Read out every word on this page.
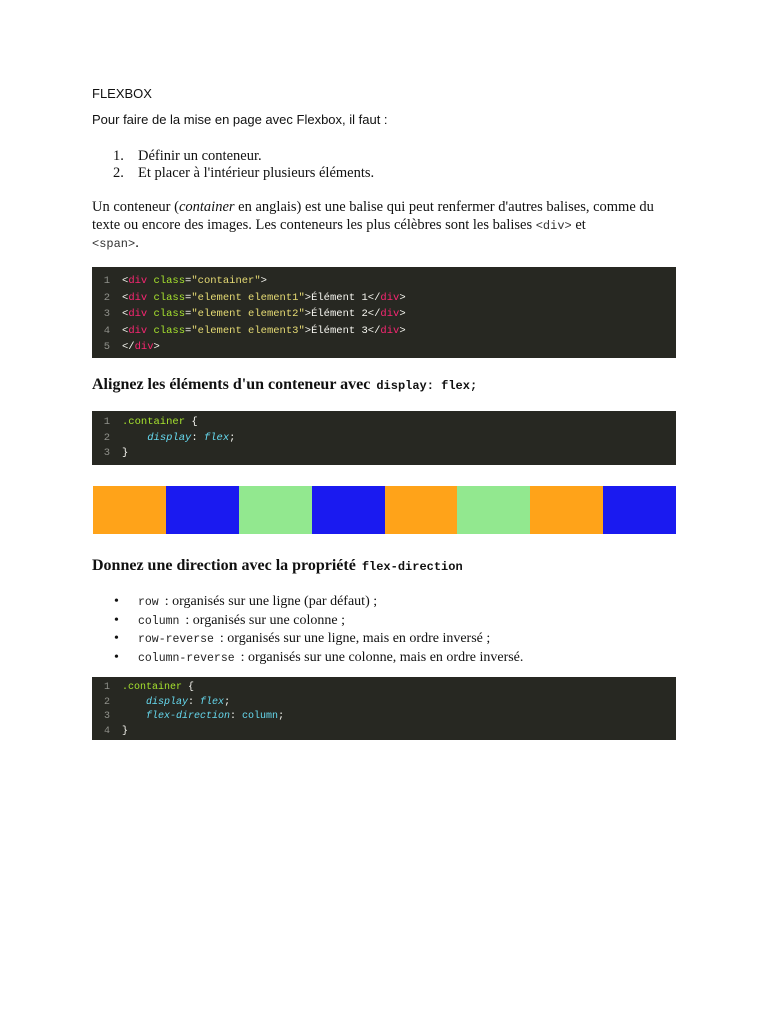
FLEXBOX
Pour faire de la mise en page avec Flexbox, il faut :
1. Définir un conteneur.
2. Et placer à l'intérieur plusieurs éléments.
Un conteneur (container en anglais) est une balise qui peut renfermer d'autres balises, comme du texte ou encore des images. Les conteneurs les plus célèbres sont les balises <div> et
<span>.
1 <div class="container">
2 <div class="element element1">Élément 1</div>
3 <div class="element element2">Élément 2</div>
4 <div class="element element3">Élément 3</div>
5 </div>
Alignez les éléments d'un conteneur avec display: flex;
1 .container {
2	display: flex;
3 }
Donnez une direction avec la propriété flex-direction
• row : organisés sur une ligne (par défaut) ;
• column : organisés sur une colonne ;
• row-reverse : organisés sur une ligne, mais en ordre inversé ;
• column-reverse : organisés sur une colonne, mais en ordre inversé.
1 .container {
2	display: flex;
3	flex-direction: column;
4 }
